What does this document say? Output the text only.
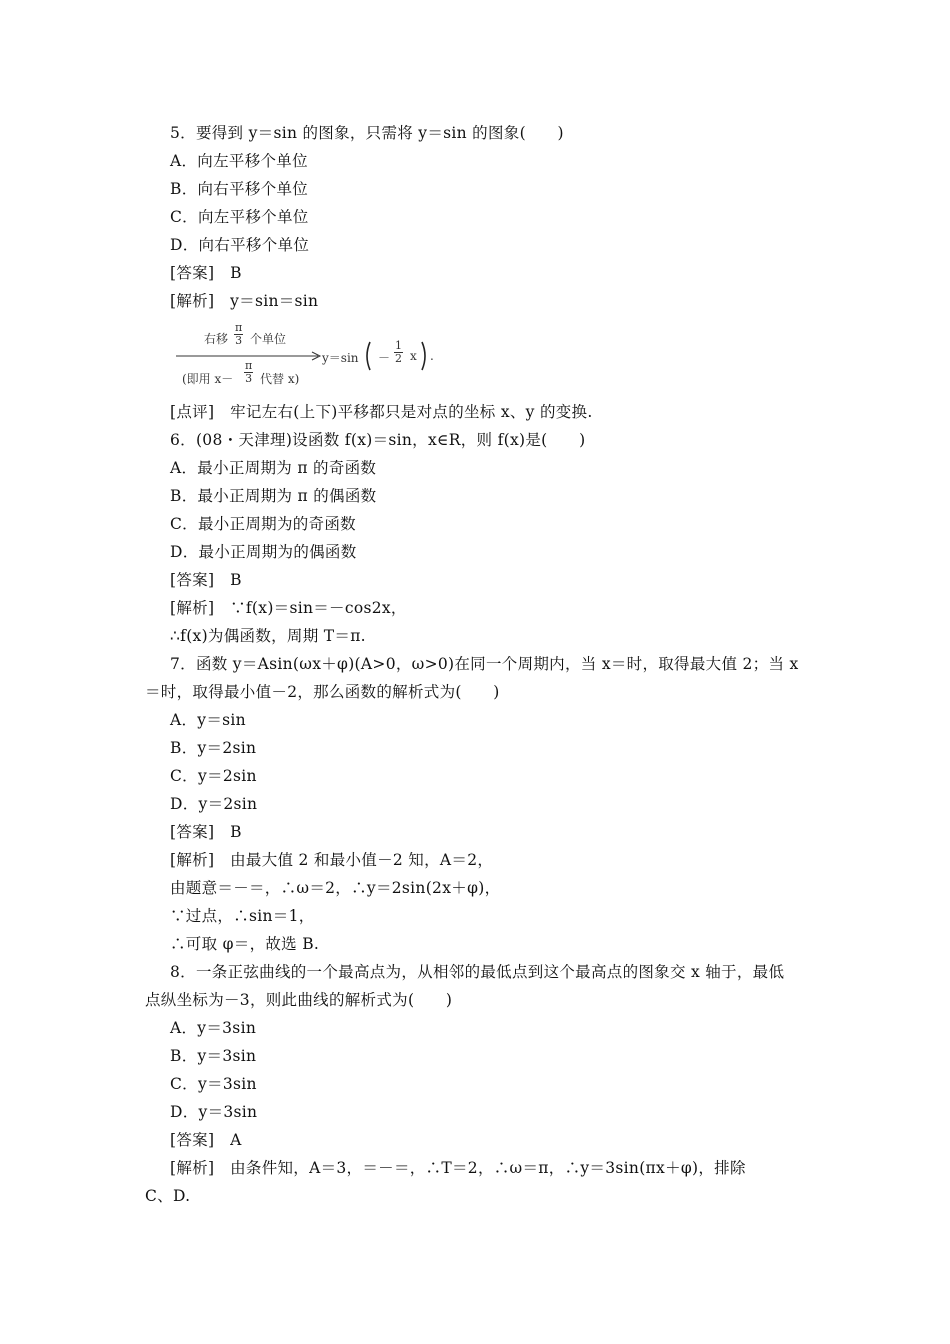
5．要得到 y＝sin 的图象，只需将 y＝sin 的图象(　　)
A．向左平移个单位
B．向右平移个单位
C．向左平移个单位
D．向右平移个单位
[答案]　B
[解析]　y＝sin＝sin
右移 $\frac{\pi}{3}$ 个单位
(即用 $x- \frac{\pi}{3}$ 代替 x)
$y=\sin - \frac{1}{2}$ x .
[点评]　牢记左右(上下)平移都只是对点的坐标 x、y 的变换.
6．(08・天津理)设函数 f(x)＝sin，x∈R，则 f(x)是(　　)
A．最小正周期为 π 的奇函数
B．最小正周期为 π 的偶函数
C．最小正周期为的奇函数
D．最小正周期为的偶函数
[答案]　B
[解析]　∵f(x)＝sin＝－cos2x，
∴f(x)为偶函数，周期 T＝π.
7．函数 y＝Asin(ωx＋φ)(A>0，ω>0)在同一个周期内，当 x＝时，取得最大值 2；当 x
＝时，取得最小值－2，那么函数的解析式为(　　)
A．y＝sin
B．y＝2sin
C．y＝2sin
D．y＝2sin
[答案]　B
[解析]　由最大值 2 和最小值－2 知，A＝2，
由题意＝－＝，∴ω＝2，∴y＝2sin(2x＋φ)，
∵过点，∴sin＝1，
∴可取 φ＝，故选 B.
8．一条正弦曲线的一个最高点为，从相邻的最低点到这个最高点的图象交 x 轴于，最低
点纵坐标为－3，则此曲线的解析式为(　　)
A．y＝3sin
B．y＝3sin
C．y＝3sin
D．y＝3sin
[答案]　A
[解析]　由条件知，A＝3，＝－＝，∴T＝2，∴ω＝π，∴y＝3sin(πx＋φ)，排除
C、D.
